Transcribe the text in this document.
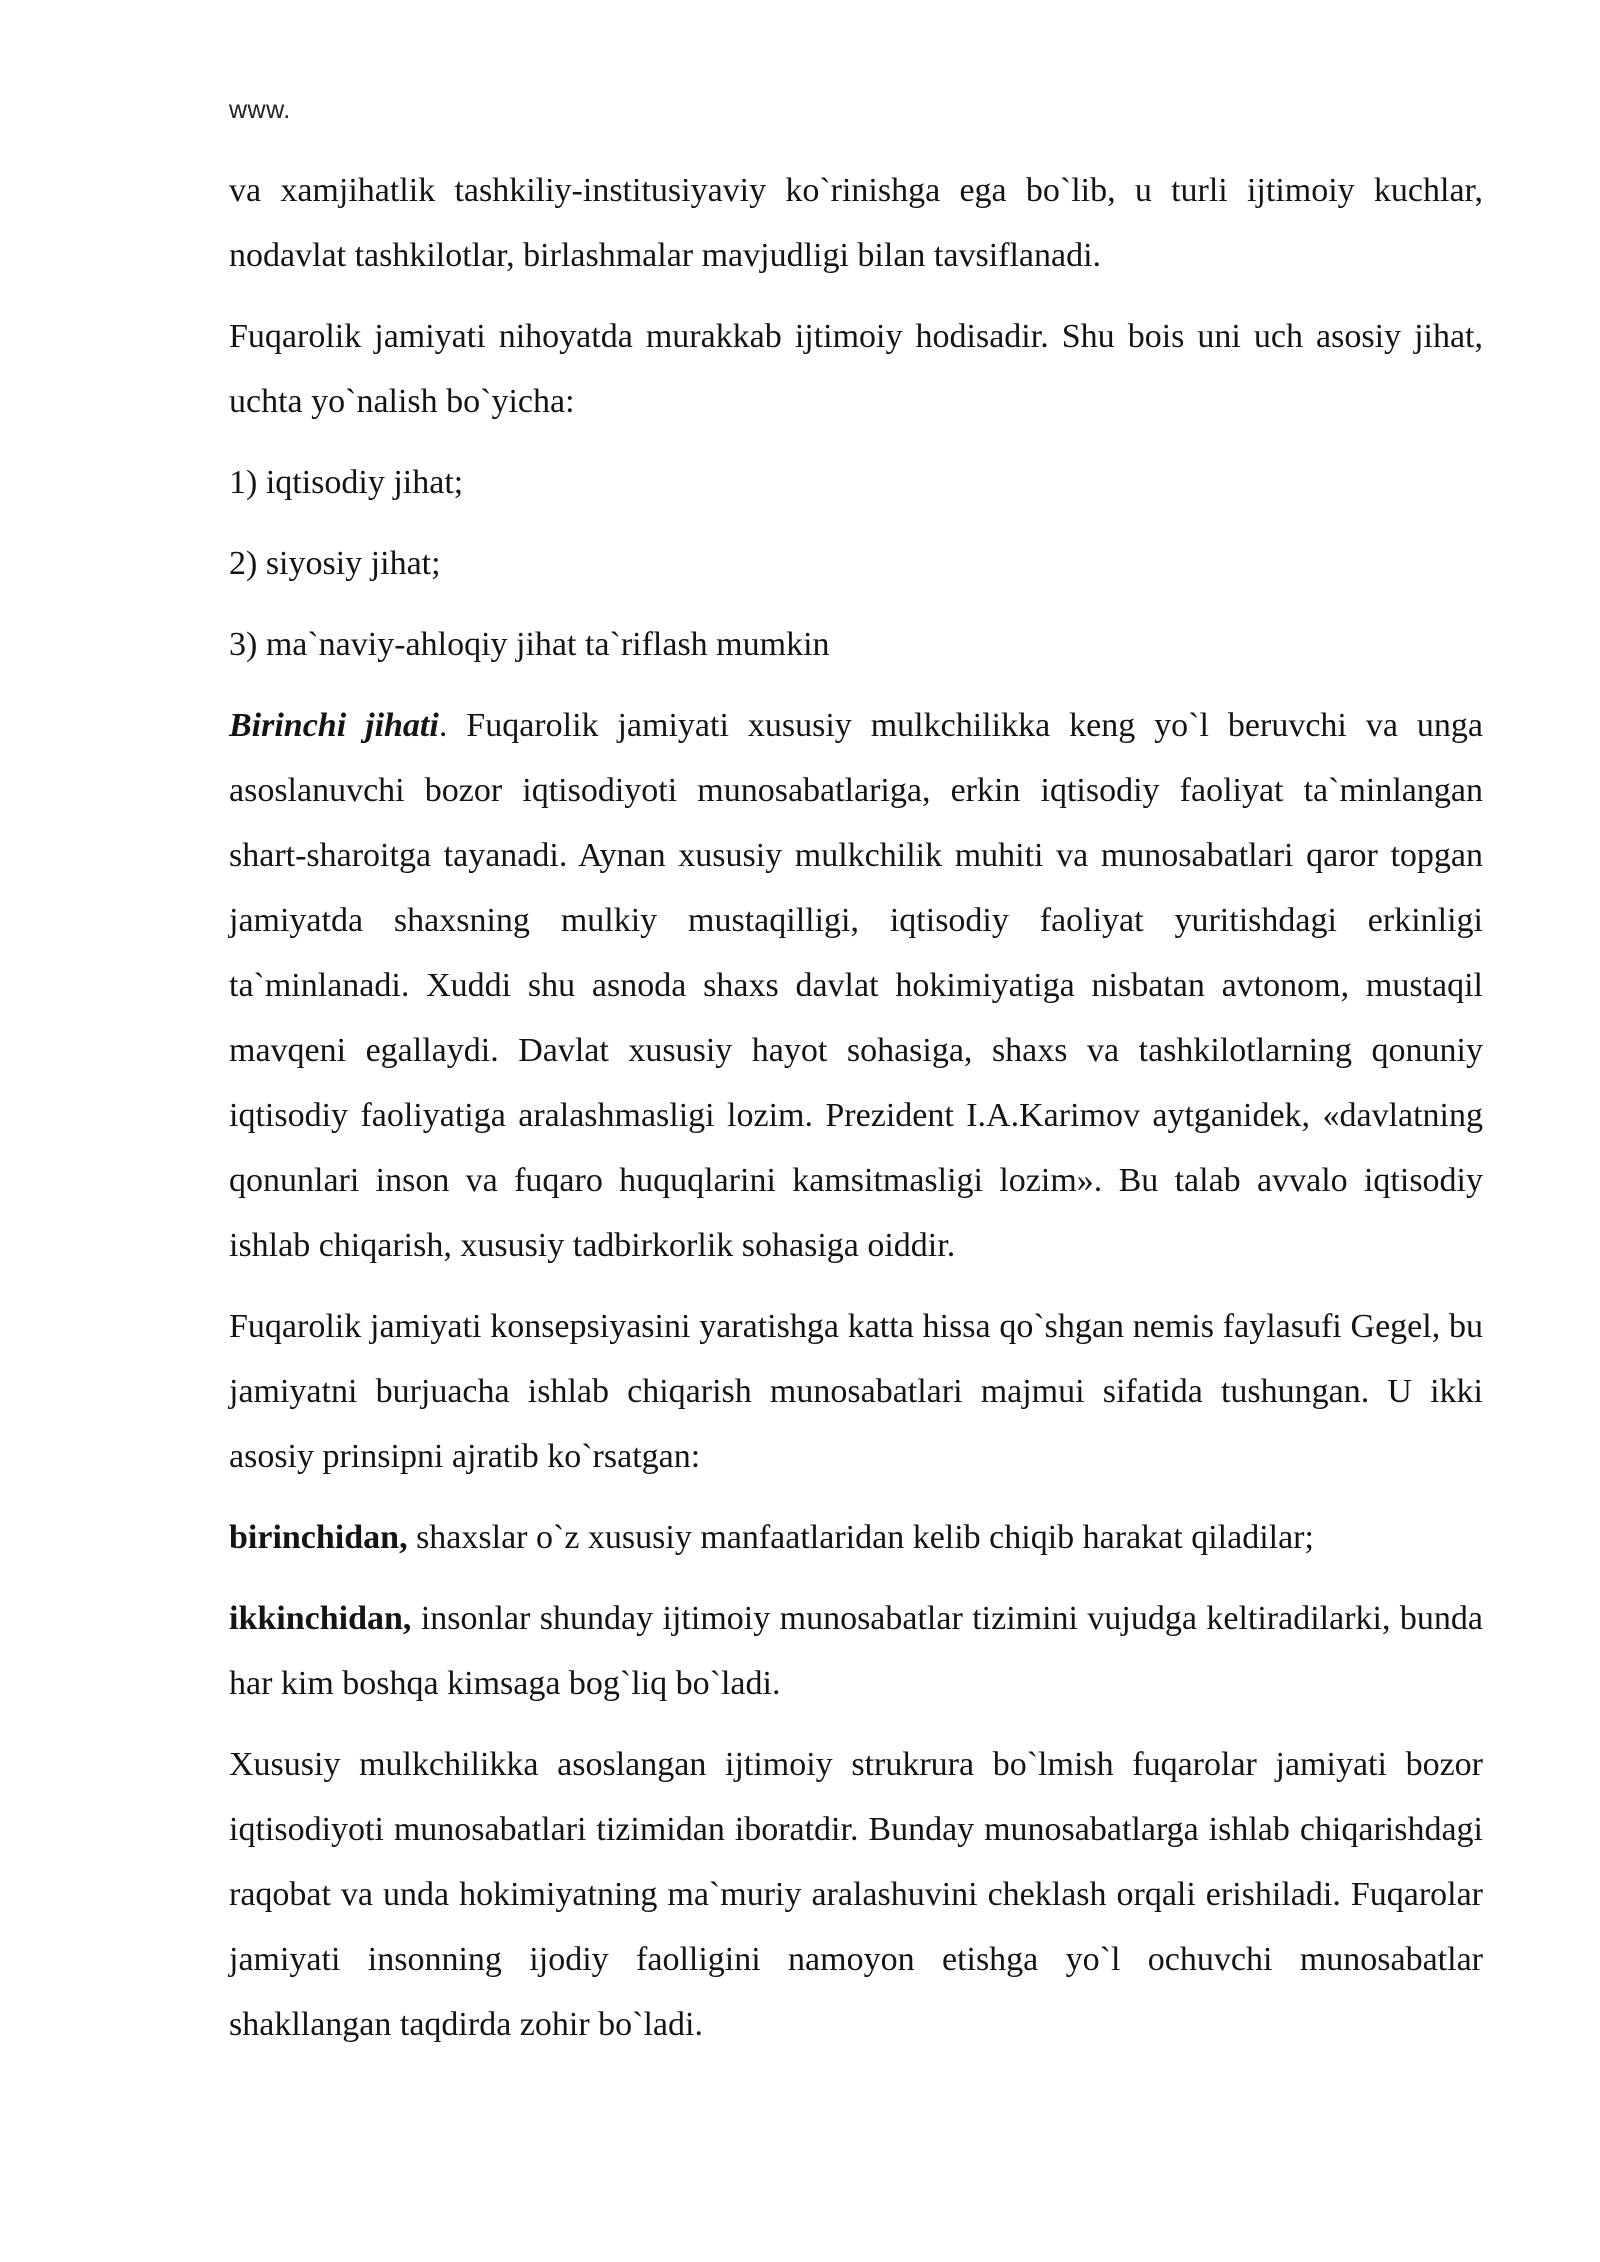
www.

va xamjihatlik tashkiliy-institusiyaviy ko`rinishga ega bo`lib, u turli ijtimoiy kuchlar, nodavlat tashkilotlar, birlashmalar mavjudligi bilan tavsiflanadi.

Fuqarolik jamiyati nihoyatda murakkab ijtimoiy hodisadir. Shu bois uni uch asosiy jihat, uchta yo`nalish bo`yicha:

1) iqtisodiy jihat;

2) siyosiy jihat;

3) ma`naviy-ahloqiy jihat ta`riflash mumkin

Birinchi jihati. Fuqarolik jamiyati xususiy mulkchilikka keng yo`l beruvchi va unga asoslanuvchi bozor iqtisodiyoti munosabatlariga, erkin iqtisodiy faoliyat ta`minlangan shart-sharoitga tayanadi. Aynan xususiy mulkchilik muhiti va munosabatlari qaror topgan jamiyatda shaxsning mulkiy mustaqilligi, iqtisodiy faoliyat yuritishdagi erkinligi ta`minlanadi. Xuddi shu asnoda shaxs davlat hokimiyatiga nisbatan avtonom, mustaqil mavqeni egallaydi. Davlat xususiy hayot sohasiga, shaxs va tashkilotlarning qonuniy iqtisodiy faoliyatiga aralashmasligi lozim. Prezident I.A.Karimov aytganidek, «davlatning qonunlari inson va fuqaro huquqlarini kamsitmasligi lozim». Bu talab avvalo iqtisodiy ishlab chiqarish, xususiy tadbirkorlik sohasiga oiddir.

Fuqarolik jamiyati konsepsiyasini yaratishga katta hissa qo`shgan nemis faylasufi Gegel, bu jamiyatni burjuacha ishlab chiqarish munosabatlari majmui sifatida tushungan. U ikki asosiy prinsipni ajratib ko`rsatgan:

birinchidan, shaxslar o`z xususiy manfaatlaridan kelib chiqib harakat qiladilar;

ikkinchidan, insonlar shunday ijtimoiy munosabatlar tizimini vujudga keltiradilarki, bunda har kim boshqa kimsaga bog`liq bo`ladi.

Xususiy mulkchilikka asoslangan ijtimoiy strukrura bo`lmish fuqarolar jamiyati bozor iqtisodiyoti munosabatlari tizimidan iboratdir. Bunday munosabatlarga ishlab chiqarishdagi raqobat va unda hokimiyatning ma`muriy aralashuvini cheklash orqali erishiladi. Fuqarolar jamiyati insonning ijodiy faolligini namoyon etishga yo`l ochuvchi munosabatlar shakllangan taqdirda zohir bo`ladi.
